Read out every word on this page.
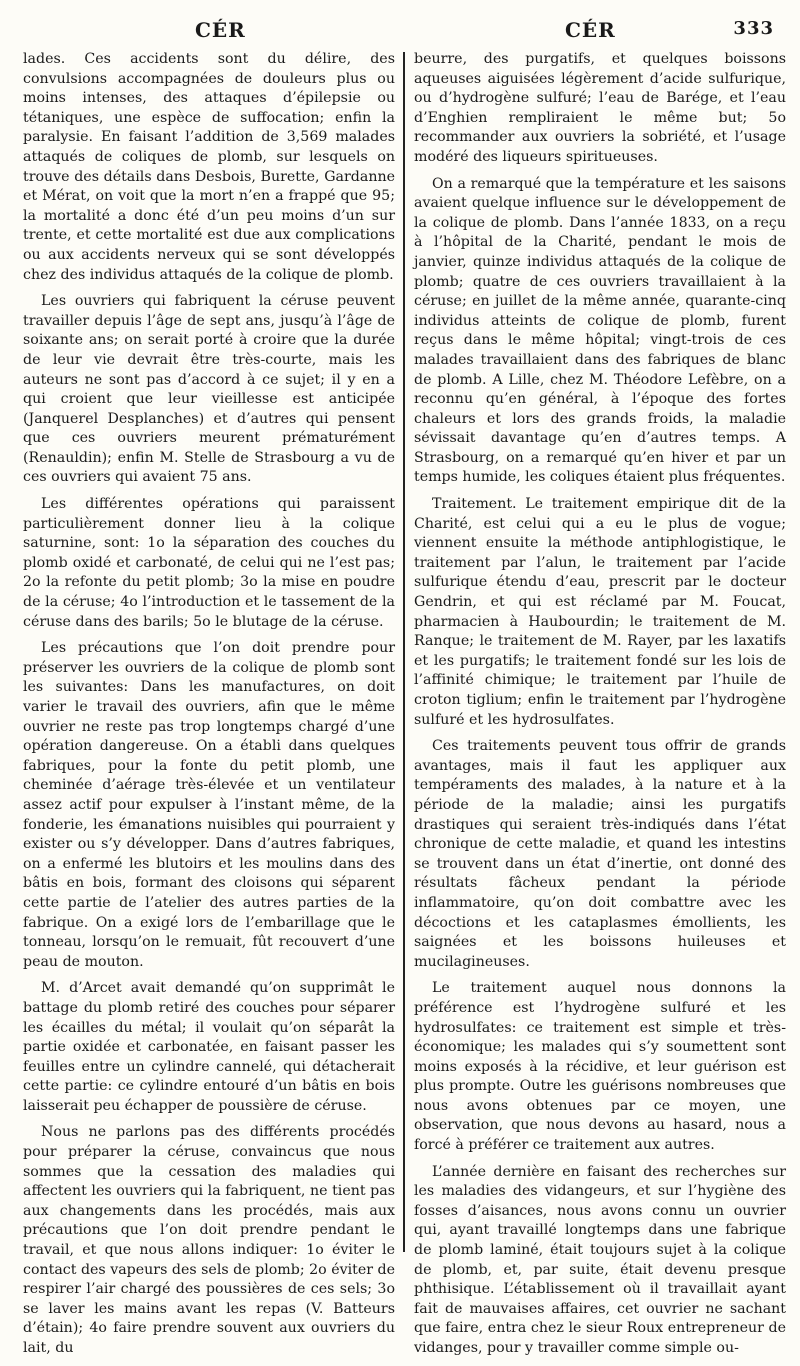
CÉR	CÉR	333

lades. Ces accidents sont du délire, des convulsions accompagnées de douleurs plus ou moins intenses, des attaques d’épilepsie ou tétaniques, une espèce de suffocation; enfin la paralysie. En faisant l’addition de 3,569 malades attaqués de coliques de plomb, sur lesquels on trouve des détails dans Desbois, Burette, Gardanne et Mérat, on voit que la mort n’en a frappé que 95; la mortalité a donc été d’un peu moins d’un sur trente, et cette mortalité est due aux complications ou aux accidents nerveux qui se sont développés chez des individus attaqués de la colique de plomb.

Les ouvriers qui fabriquent la céruse peuvent travailler depuis l’âge de sept ans, jusqu’à l’âge de soixante ans; on serait porté à croire que la durée de leur vie devrait être très-courte, mais les auteurs ne sont pas d’accord à ce sujet; il y en a qui croient que leur vieillesse est anticipée (Janquerel Desplanches) et d’autres qui pensent que ces ouvriers meurent prématurément (Renauldin); enfin M. Stelle de Strasbourg a vu de ces ouvriers qui avaient 75 ans.

Les différentes opérations qui paraissent particulièrement donner lieu à la colique saturnine, sont: 1o la séparation des couches du plomb oxidé et carbonaté, de celui qui ne l’est pas; 2o la refonte du petit plomb; 3o la mise en poudre de la céruse; 4o l’introduction et le tassement de la céruse dans des barils; 5o le blutage de la céruse.

Les précautions que l’on doit prendre pour préserver les ouvriers de la colique de plomb sont les suivantes: Dans les manufactures, on doit varier le travail des ouvriers, afin que le même ouvrier ne reste pas trop longtemps chargé d’une opération dangereuse. On a établi dans quelques fabriques, pour la fonte du petit plomb, une cheminée d’aérage très-élevée et un ventilateur assez actif pour expulser à l’instant même, de la fonderie, les émanations nuisibles qui pourraient y exister ou s’y développer. Dans d’autres fabriques, on a enfermé les blutoirs et les moulins dans des bâtis en bois, formant des cloisons qui séparent cette partie de l’atelier des autres parties de la fabrique. On a exigé lors de l’embarillage que le tonneau, lorsqu’on le remuait, fût recouvert d’une peau de mouton.

M. d’Arcet avait demandé qu’on supprimât le battage du plomb retiré des couches pour séparer les écailles du métal; il voulait qu’on séparât la partie oxidée et carbonatée, en faisant passer les feuilles entre un cylindre cannelé, qui détacherait cette partie: ce cylindre entouré d’un bâtis en bois laisserait peu échapper de poussière de céruse.

Nous ne parlons pas des différents procédés pour préparer la céruse, convaincus que nous sommes que la cessation des maladies qui affectent les ouvriers qui la fabriquent, ne tient pas aux changements dans les procédés, mais aux précautions que l’on doit prendre pendant le travail, et que nous allons indiquer: 1o éviter le contact des vapeurs des sels de plomb; 2o éviter de respirer l’air chargé des poussières de ces sels; 3o se laver les mains avant les repas (V. Batteurs d’étain); 4o faire prendre souvent aux ouvriers du lait, du

beurre, des purgatifs, et quelques boissons aqueuses aiguisées légèrement d’acide sulfurique, ou d’hydrogène sulfuré; l’eau de Barége, et l’eau d’Enghien rempliraient le même but; 5o recommander aux ouvriers la sobriété, et l’usage modéré des liqueurs spiritueuses.

On a remarqué que la température et les saisons avaient quelque influence sur le développement de la colique de plomb. Dans l’année 1833, on a reçu à l’hôpital de la Charité, pendant le mois de janvier, quinze individus attaqués de la colique de plomb; quatre de ces ouvriers travaillaient à la céruse; en juillet de la même année, quarante-cinq individus atteints de colique de plomb, furent reçus dans le même hôpital; vingt-trois de ces malades travaillaient dans des fabriques de blanc de plomb. A Lille, chez M. Théodore Lefèbre, on a reconnu qu’en général, à l’époque des fortes chaleurs et lors des grands froids, la maladie sévissait davantage qu’en d’autres temps. A Strasbourg, on a remarqué qu’en hiver et par un temps humide, les coliques étaient plus fréquentes.

Traitement. Le traitement empirique dit de la Charité, est celui qui a eu le plus de vogue; viennent ensuite la méthode antiphlogistique, le traitement par l’alun, le traitement par l’acide sulfurique étendu d’eau, prescrit par le docteur Gendrin, et qui est réclamé par M. Foucat, pharmacien à Haubourdin; le traitement de M. Ranque; le traitement de M. Rayer, par les laxatifs et les purgatifs; le traitement fondé sur les lois de l’affinité chimique; le traitement par l’huile de croton tiglium; enfin le traitement par l’hydrogène sulfuré et les hydrosulfates.

Ces traitements peuvent tous offrir de grands avantages, mais il faut les appliquer aux tempéraments des malades, à la nature et à la période de la maladie; ainsi les purgatifs drastiques qui seraient très-indiqués dans l’état chronique de cette maladie, et quand les intestins se trouvent dans un état d’inertie, ont donné des résultats fâcheux pendant la période inflammatoire, qu’on doit combattre avec les décoctions et les cataplasmes émollients, les saignées et les boissons huileuses et mucilagineuses.

Le traitement auquel nous donnons la préférence est l’hydrogène sulfuré et les hydrosulfates: ce traitement est simple et très-économique; les malades qui s’y soumettent sont moins exposés à la récidive, et leur guérison est plus prompte. Outre les guérisons nombreuses que nous avons obtenues par ce moyen, une observation, que nous devons au hasard, nous a forcé à préférer ce traitement aux autres.

L’année dernière en faisant des recherches sur les maladies des vidangeurs, et sur l’hygiène des fosses d’aisances, nous avons connu un ouvrier qui, ayant travaillé longtemps dans une fabrique de plomb laminé, était toujours sujet à la colique de plomb, et, par suite, était devenu presque phthisique. L’établissement où il travaillait ayant fait de mauvaises affaires, cet ouvrier ne sachant que faire, entra chez le sieur Roux entrepreneur de vidanges, pour y travailler comme simple ou-
